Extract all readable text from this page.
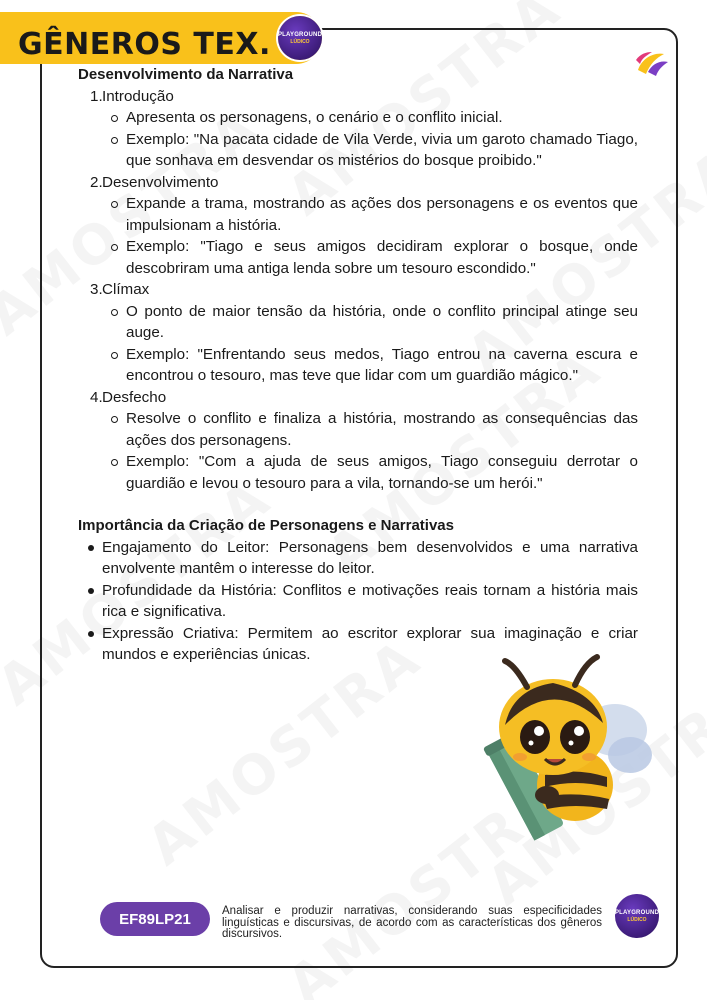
GÊNEROS TEX. PLAYGROUND
LÚDICO

Desenvolvimento da Narrativa

1. Introdução
Apresenta os personagens, o cenário e o conflito inicial.
Exemplo: "Na pacata cidade de Vila Verde, vivia um garoto chamado Tiago, que sonhava em desvendar os mistérios do bosque proibido."
2. Desenvolvimento
Expande a trama, mostrando as ações dos personagens e os eventos que impulsionam a história.
Exemplo: "Tiago e seus amigos decidiram explorar o bosque, onde descobriram uma antiga lenda sobre um tesouro escondido."
3. Clímax
O ponto de maior tensão da história, onde o conflito principal atinge seu auge.
Exemplo: "Enfrentando seus medos, Tiago entrou na caverna escura e encontrou o tesouro, mas teve que lidar com um guardião mágico."
4. Desfecho
Resolve o conflito e finaliza a história, mostrando as consequências das ações dos personagens.
Exemplo: "Com a ajuda de seus amigos, Tiago conseguiu derrotar o guardião e levou o tesouro para a vila, tornando-se um herói."

Importância da Criação de Personagens e Narrativas

Engajamento do Leitor: Personagens bem desenvolvidos e uma narrativa envolvente mantêm o interesse do leitor.
Profundidade da História: Conflitos e motivações reais tornam a história mais rica e significativa.
Expressão Criativa: Permitem ao escritor explorar sua imaginação e criar mundos e experiências únicas.
EF89LP21	Analisar e produzir narrativas, considerando suas especificidades linguísticas e discursivas, de acordo com as características dos gêneros discursivos.
PLAYGROUND
LÚDICO
